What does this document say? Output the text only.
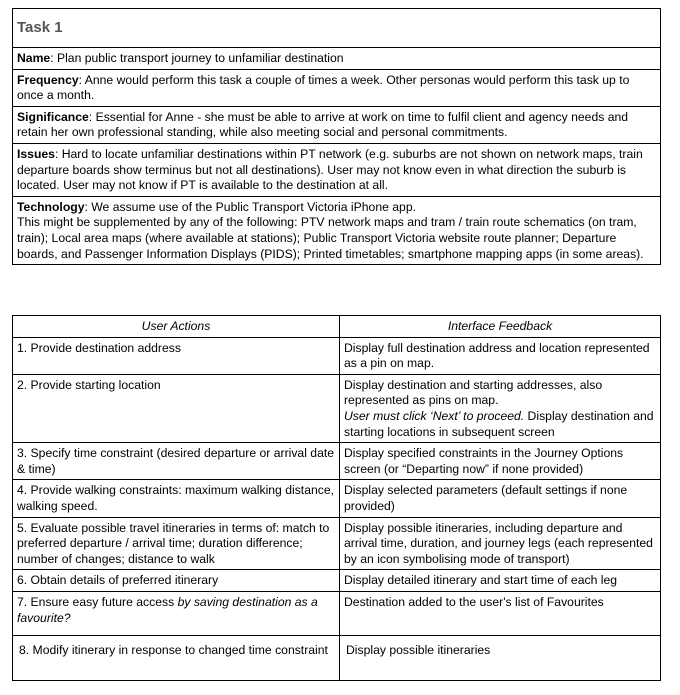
Task 1
Name: Plan public transport journey to unfamiliar destination
Frequency: Anne would perform this task a couple of times a week. Other personas would perform this task up to once a month.
Significance: Essential for Anne - she must be able to arrive at work on time to fulfil client and agency needs and retain her own professional standing, while also meeting social and personal commitments.
Issues: Hard to locate unfamiliar destinations within PT network (e.g. suburbs are not shown on network maps, train departure boards show terminus but not all destinations). User may not know even in what direction the suburb is located. User may not know if PT is available to the destination at all.
Technology: We assume use of the Public Transport Victoria iPhone app.
This might be supplemented by any of the following: PTV network maps and tram / train route schematics (on tram, train); Local area maps (where available at stations); Public Transport Victoria website route planner; Departure boards, and Passenger Information Displays (PIDS); Printed timetables; smartphone mapping apps (in some areas).
User Actions	Interface Feedback
1. Provide destination address	Display full destination address and location represented as a pin on map.
2. Provide starting location	Display destination and starting addresses, also represented as pins on map.
User must click ‘Next’ to proceed. Display destination and starting locations in subsequent screen
3. Specify time constraint (desired departure or arrival date & time)	Display specified constraints in the Journey Options screen (or “Departing now” if none provided)
4. Provide walking constraints: maximum walking distance, walking speed.	Display selected parameters (default settings if none provided)
5. Evaluate possible travel itineraries in terms of: match to preferred departure / arrival time; duration difference; number of changes; distance to walk	Display possible itineraries, including departure and arrival time, duration, and journey legs (each represented by an icon symbolising mode of transport)
6. Obtain details of preferred itinerary	Display detailed itinerary and start time of each leg
7. Ensure easy future access by saving destination as a favourite?	Destination added to the user's list of Favourites
8. Modify itinerary in response to changed time constraint	Display possible itineraries
